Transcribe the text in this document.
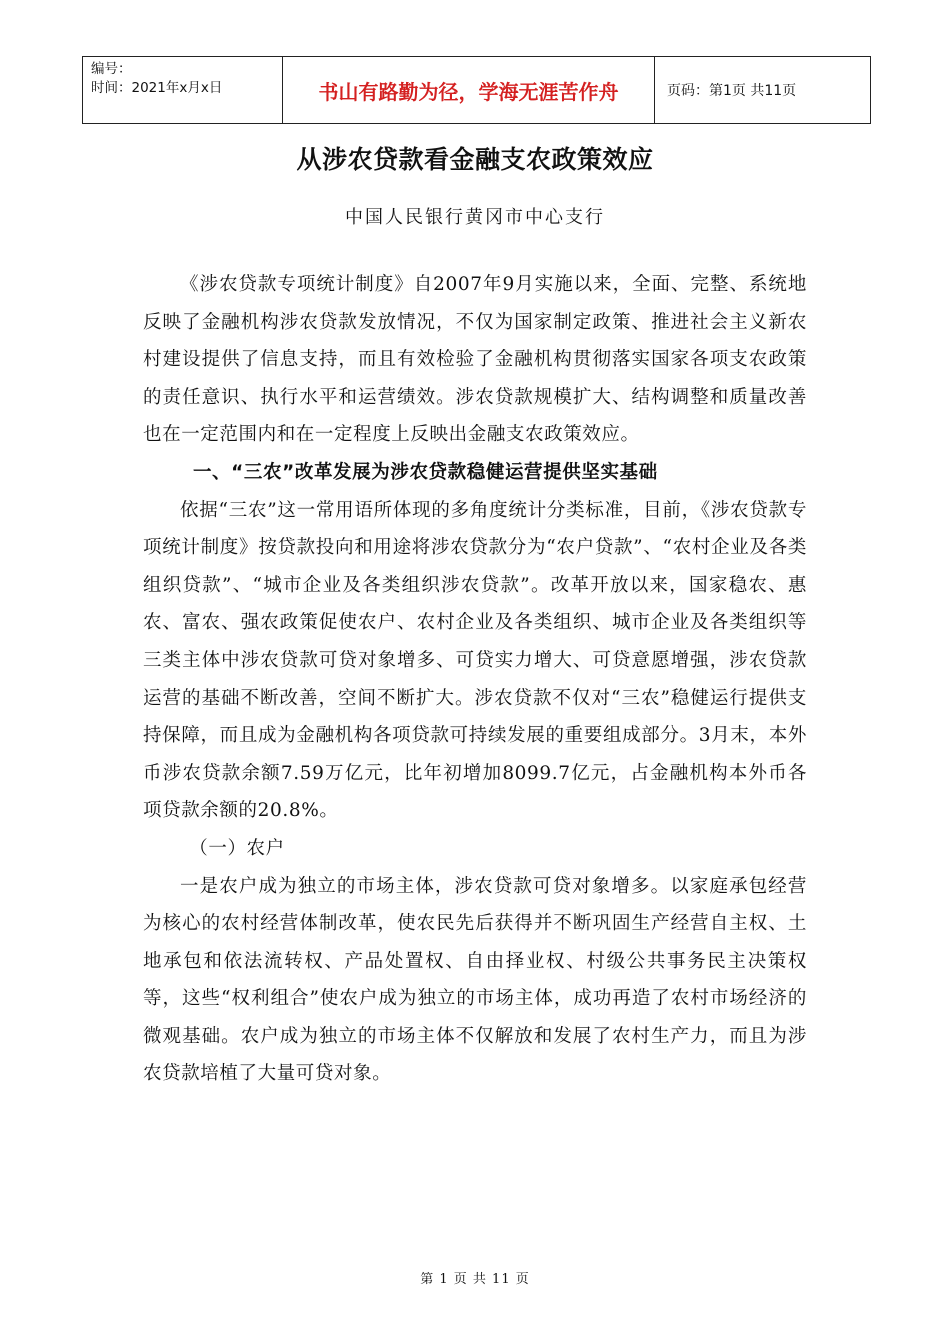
编号：
时间：2021年x月x日	书山有路勤为径，学海无涯苦作舟	页码：第1页 共11页
从涉农贷款看金融支农政策效应
中国人民银行黄冈市中心支行

《涉农贷款专项统计制度》自2007年9月实施以来，全面、完整、系统地反映了金融机构涉农贷款发放情况，不仅为国家制定政策、推进社会主义新农村建设提供了信息支持，而且有效检验了金融机构贯彻落实国家各项支农政策的责任意识、执行水平和运营绩效。涉农贷款规模扩大、结构调整和质量改善也在一定范围内和在一定程度上反映出金融支农政策效应。

一、“三农”改革发展为涉农贷款稳健运营提供坚实基础

依据“三农”这一常用语所体现的多角度统计分类标准，目前，《涉农贷款专项统计制度》按贷款投向和用途将涉农贷款分为“农户贷款”、“农村企业及各类组织贷款”、“城市企业及各类组织涉农贷款”。改革开放以来，国家稳农、惠农、富农、强农政策促使农户、农村企业及各类组织、城市企业及各类组织等三类主体中涉农贷款可贷对象增多、可贷实力增大、可贷意愿增强，涉农贷款运营的基础不断改善，空间不断扩大。涉农贷款不仅对“三农”稳健运行提供支持保障，而且成为金融机构各项贷款可持续发展的重要组成部分。3月末，本外币涉农贷款余额7.59万亿元，比年初增加8099.7亿元，占金融机构本外币各项贷款余额的20.8%。

（一）农户

一是农户成为独立的市场主体，涉农贷款可贷对象增多。以家庭承包经营为核心的农村经营体制改革，使农民先后获得并不断巩固生产经营自主权、土地承包和依法流转权、产品处置权、自由择业权、村级公共事务民主决策权等，这些“权利组合”使农户成为独立的市场主体，成功再造了农村市场经济的微观基础。农户成为独立的市场主体不仅解放和发展了农村生产力，而且为涉农贷款培植了大量可贷对象。

第 1 页 共 11 页
